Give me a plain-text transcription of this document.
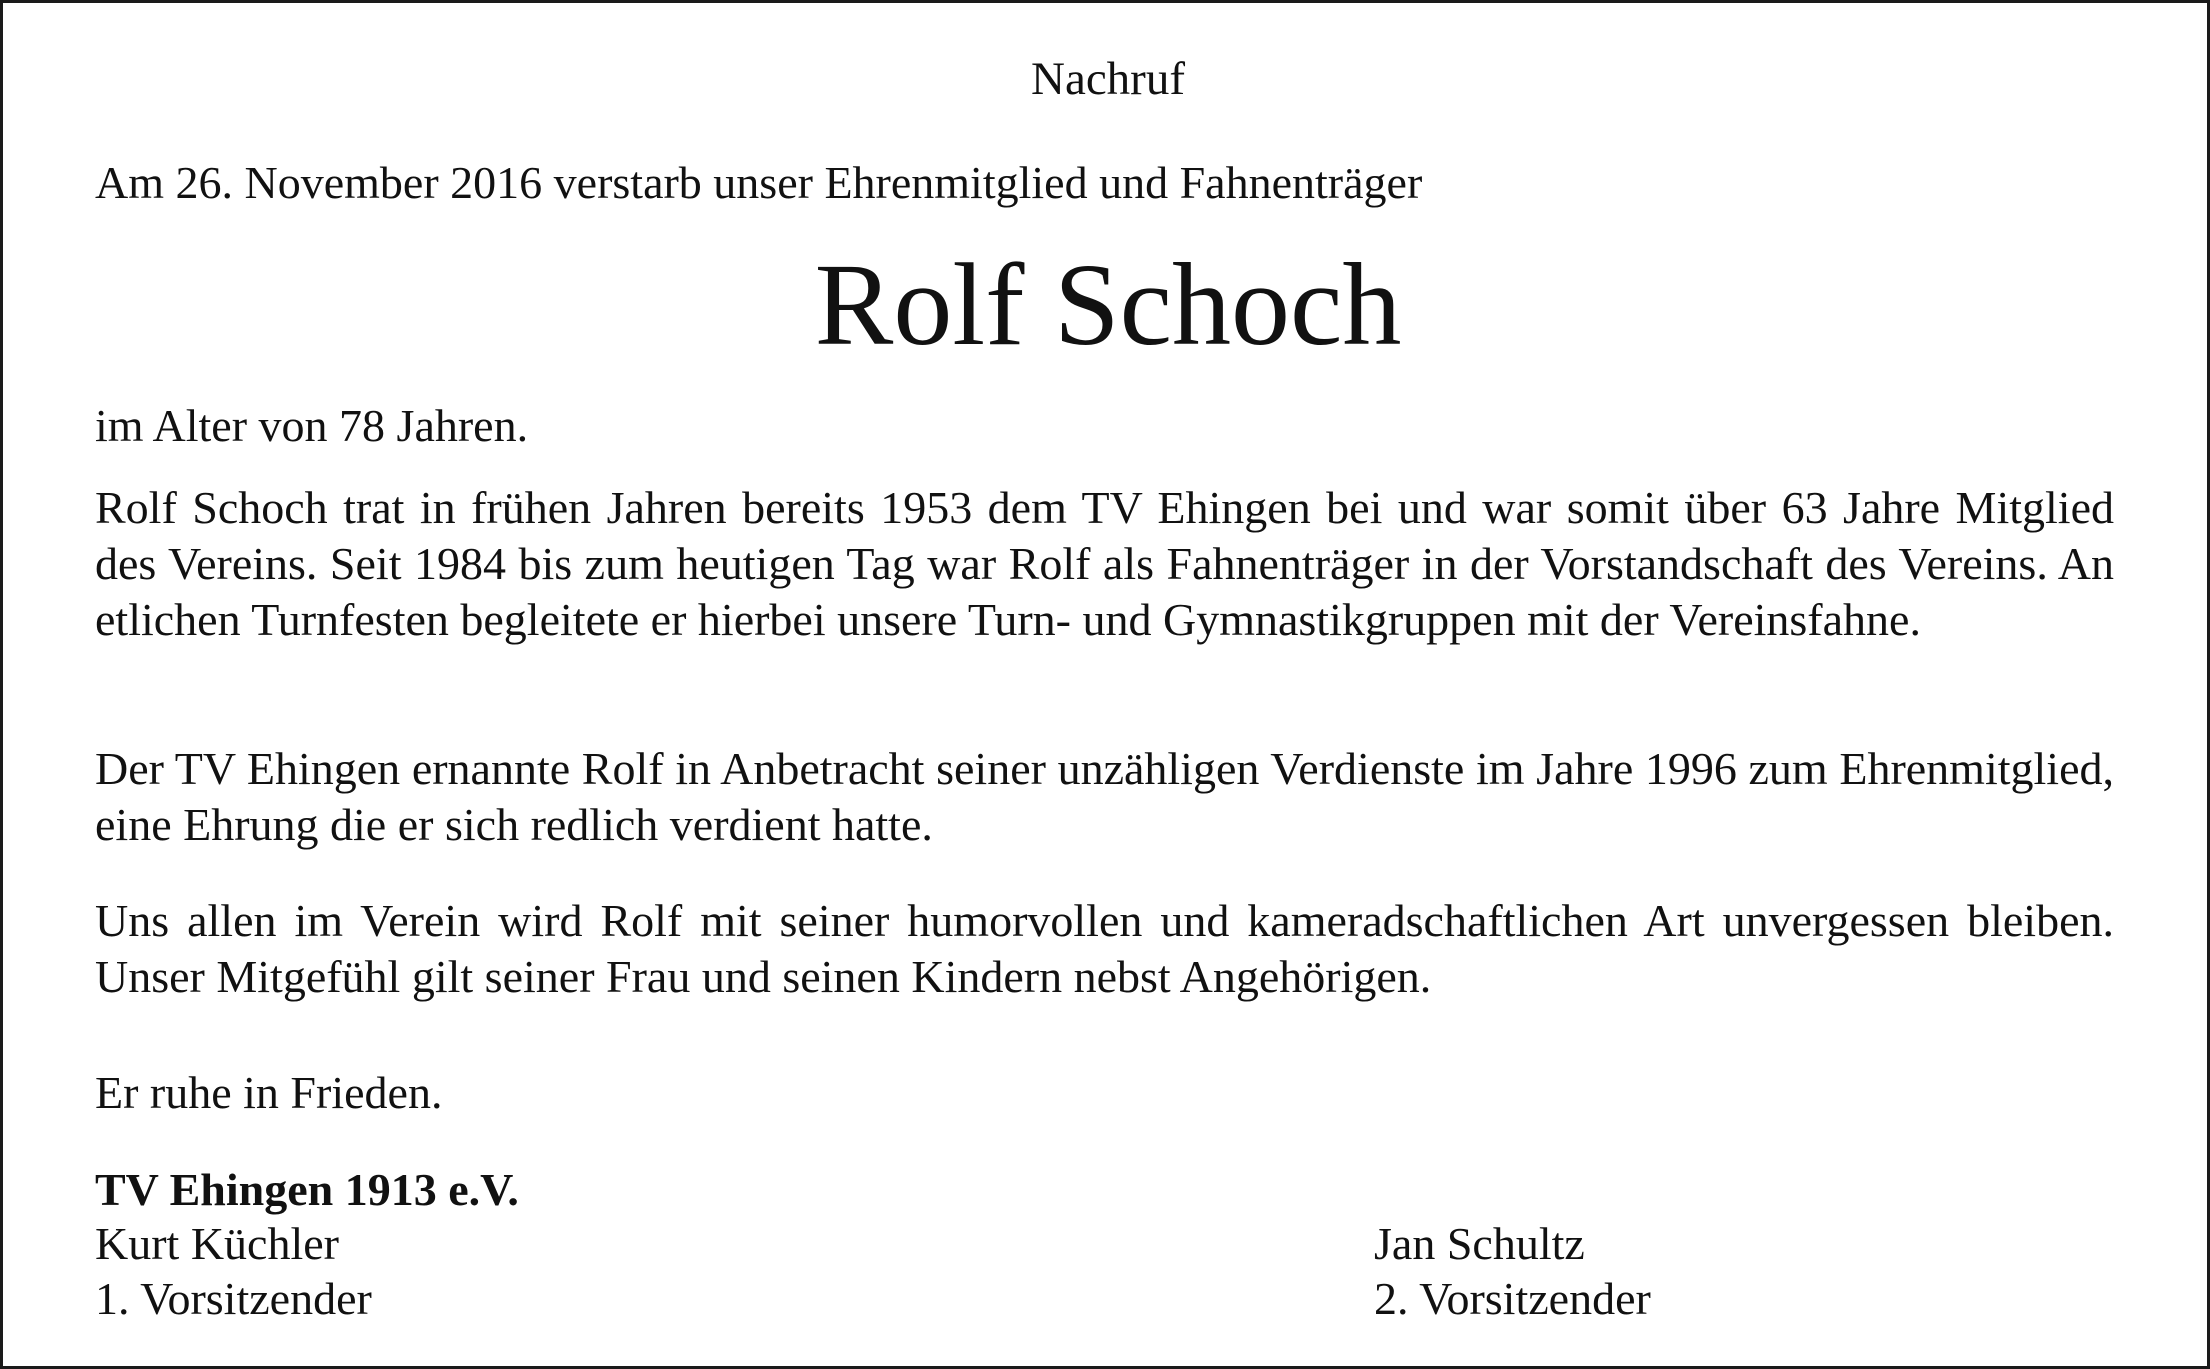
Nachruf
Am 26. November 2016 verstarb unser Ehrenmitglied und Fahnenträger
Rolf Schoch
im Alter von 78 Jahren.

Rolf Schoch trat in frühen Jahren bereits 1953 dem TV Ehingen bei und war somit über 63 Jahre Mitglied des Vereins. Seit 1984 bis zum heutigen Tag war Rolf als Fahnenträger in der Vorstandschaft des Vereins. An etlichen Turnfesten begleitete er hierbei unsere Turn- und Gymnastikgruppen mit der Vereinsfahne.

Der TV Ehingen ernannte Rolf in Anbetracht seiner unzähligen Verdienste im Jahre 1996 zum Ehrenmitglied, eine Ehrung die er sich redlich verdient hatte.

Uns allen im Verein wird Rolf mit seiner humorvollen und kameradschaftlichen Art unvergessen bleiben. Unser Mitgefühl gilt seiner Frau und seinen Kindern nebst Angehörigen.

Er ruhe in Frieden.
TV Ehingen 1913 e.V.
Kurt Küchler
1. Vorsitzender
Jan Schultz
2. Vorsitzender
